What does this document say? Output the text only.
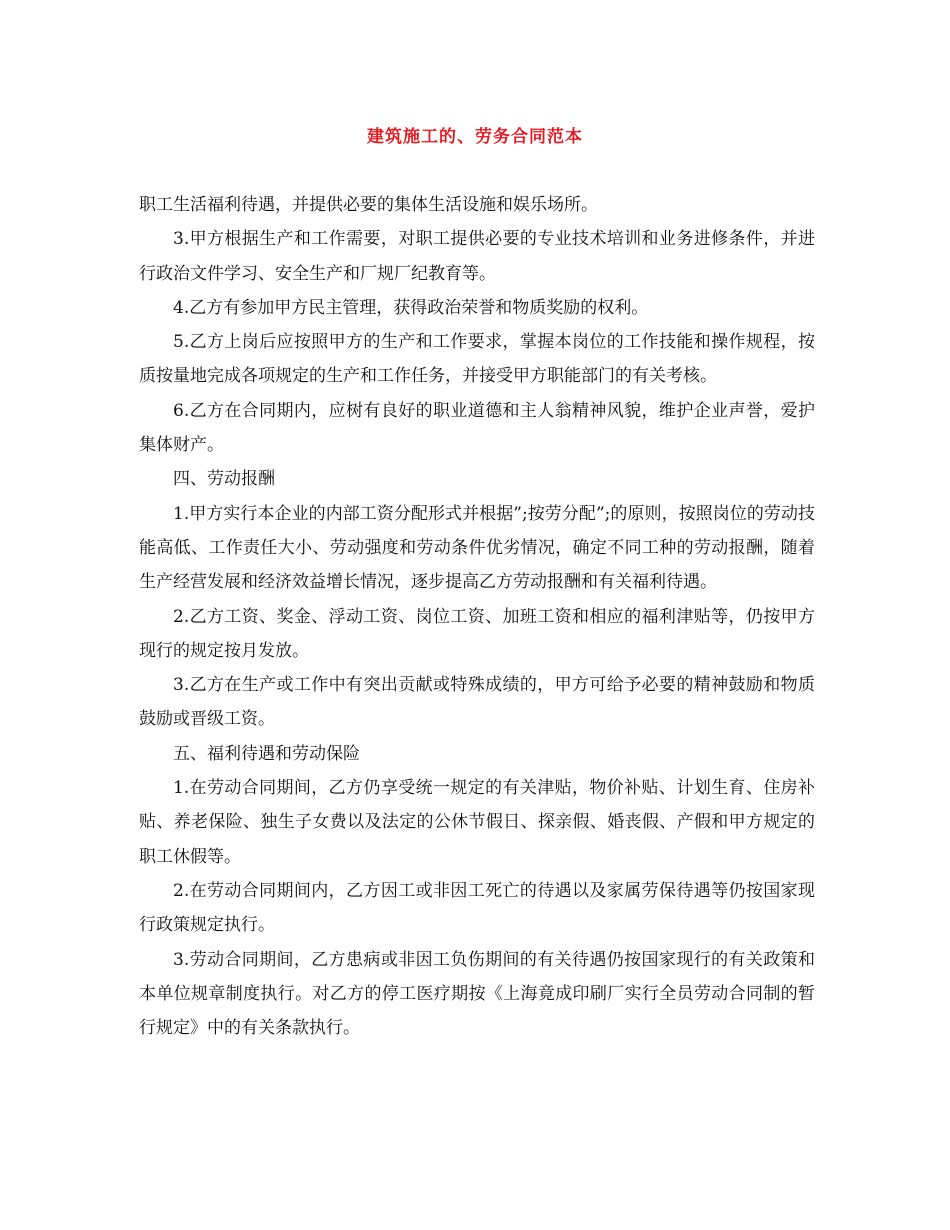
建筑施工的、劳务合同范本

职工生活福利待遇，并提供必要的集体生活设施和娱乐场所。

3.甲方根据生产和工作需要，对职工提供必要的专业技术培训和业务进修条件，并进行政治文件学习、安全生产和厂规厂纪教育等。

4.乙方有参加甲方民主管理，获得政治荣誉和物质奖励的权利。

5.乙方上岗后应按照甲方的生产和工作要求，掌握本岗位的工作技能和操作规程，按质按量地完成各项规定的生产和工作任务，并接受甲方职能部门的有关考核。

6.乙方在合同期内，应树有良好的职业道德和主人翁精神风貌，维护企业声誉，爱护集体财产。

四、劳动报酬

1.甲方实行本企业的内部工资分配形式并根据”;按劳分配”;的原则，按照岗位的劳动技能高低、工作责任大小、劳动强度和劳动条件优劣情况，确定不同工种的劳动报酬，随着生产经营发展和经济效益增长情况，逐步提高乙方劳动报酬和有关福利待遇。

2.乙方工资、奖金、浮动工资、岗位工资、加班工资和相应的福利津贴等，仍按甲方现行的规定按月发放。

3.乙方在生产或工作中有突出贡献或特殊成绩的，甲方可给予必要的精神鼓励和物质鼓励或晋级工资。

五、福利待遇和劳动保险

1.在劳动合同期间，乙方仍享受统一规定的有关津贴，物价补贴、计划生育、住房补贴、养老保险、独生子女费以及法定的公休节假日、探亲假、婚丧假、产假和甲方规定的职工休假等。

2.在劳动合同期间内，乙方因工或非因工死亡的待遇以及家属劳保待遇等仍按国家现行政策规定执行。

3.劳动合同期间，乙方患病或非因工负伤期间的有关待遇仍按国家现行的有关政策和本单位规章制度执行。对乙方的停工医疗期按《上海竟成印刷厂实行全员劳动合同制的暂行规定》中的有关条款执行。
